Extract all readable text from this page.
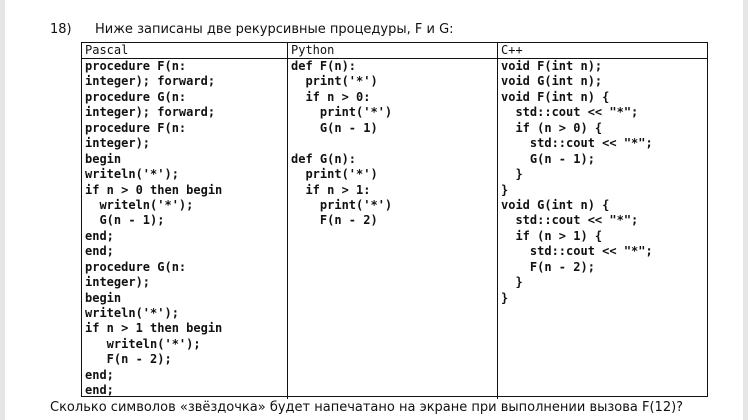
18) Ниже записаны две рекурсивные процедуры, F и G:
Pascal	Python	C++
procedure F(n:
integer); forward;
procedure G(n:
integer); forward;
procedure F(n:
integer);
begin
writeln('*');
if n > 0 then begin
writeln('*');
G(n - 1);
end;
end;
procedure G(n:
integer);
begin
writeln('*');
if n > 1 then begin
writeln('*');
F(n - 2);
end;
end;
def F(n):
print('*')
if n > 0:
print('*')
G(n - 1)
def G(n):
print('*')
if n > 1:
print('*')
F(n - 2)
void F(int n);
void G(int n);
void F(int n) {
std::cout << "*";
if (n > 0) {
std::cout << "*";
G(n - 1);
}
}
void G(int n) {
std::cout << "*";
if (n > 1) {
std::cout << "*";
F(n - 2);
}
}
Сколько символов «звёздочка» будет напечатано на экране при выполнении вызова F(12)?
